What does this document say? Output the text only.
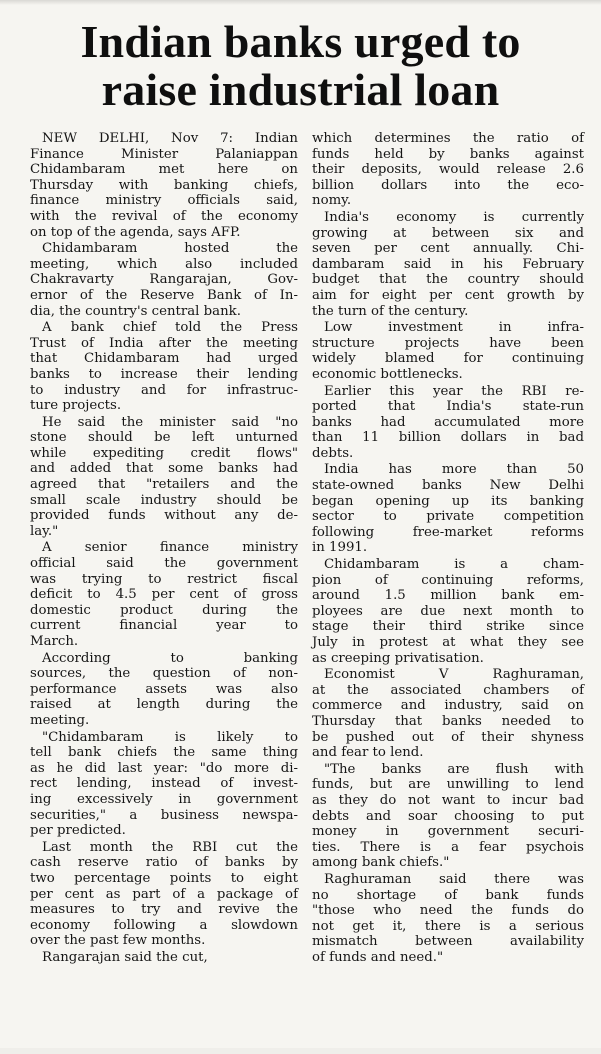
Indian banks urged to
raise industrial loan

NEW DELHI, Nov 7: Indian
Finance Minister Palaniappan
Chidambaram met here on
Thursday with banking chiefs,
finance ministry officials said,
with the revival of the economy
on top of the agenda, says AFP.

Chidambaram hosted the
meeting, which also included
Chakravarty Rangarajan, Gov-
ernor of the Reserve Bank of In-
dia, the country's central bank.

A bank chief told the Press
Trust of India after the meeting
that Chidambaram had urged
banks to increase their lending
to industry and for infrastruc-
ture projects.

He said the minister said "no
stone should be left unturned
while expediting credit flows"
and added that some banks had
agreed that "retailers and the
small scale industry should be
provided funds without any de-
lay."

A senior finance ministry
official said the government
was trying to restrict fiscal
deficit to 4.5 per cent of gross
domestic product during the
current financial year to
March.

According to banking
sources, the question of non-
performance assets was also
raised at length during the
meeting.

"Chidambaram is likely to
tell bank chiefs the same thing
as he did last year: "do more di-
rect lending, instead of invest-
ing excessively in government
securities," a business newspa-
per predicted.

Last month the RBI cut the
cash reserve ratio of banks by
two percentage points to eight
per cent as part of a package of
measures to try and revive the
economy following a slowdown
over the past few months.

Rangarajan said the cut,

which determines the ratio of
funds held by banks against
their deposits, would release 2.6
billion dollars into the eco-
nomy.

India's economy is currently
growing at between six and
seven per cent annually. Chi-
dambaram said in his February
budget that the country should
aim for eight per cent growth by
the turn of the century.

Low investment in infra-
structure projects have been
widely blamed for continuing
economic bottlenecks.

Earlier this year the RBI re-
ported that India's state-run
banks had accumulated more
than 11 billion dollars in bad
debts.

India has more than 50
state-owned banks New Delhi
began opening up its banking
sector to private competition
following free-market reforms
in 1991.

Chidambaram is a cham-
pion of continuing reforms,
around 1.5 million bank em-
ployees are due next month to
stage their third strike since
July in protest at what they see
as creeping privatisation.

Economist V Raghuraman,
at the associated chambers of
commerce and industry, said on
Thursday that banks needed to
be pushed out of their shyness
and fear to lend.

"The banks are flush with
funds, but are unwilling to lend
as they do not want to incur bad
debts and soar choosing to put
money in government securi-
ties. There is a fear psychois
among bank chiefs."

Raghuraman said there was
no shortage of bank funds
"those who need the funds do
not get it, there is a serious
mismatch between availability
of funds and need."
